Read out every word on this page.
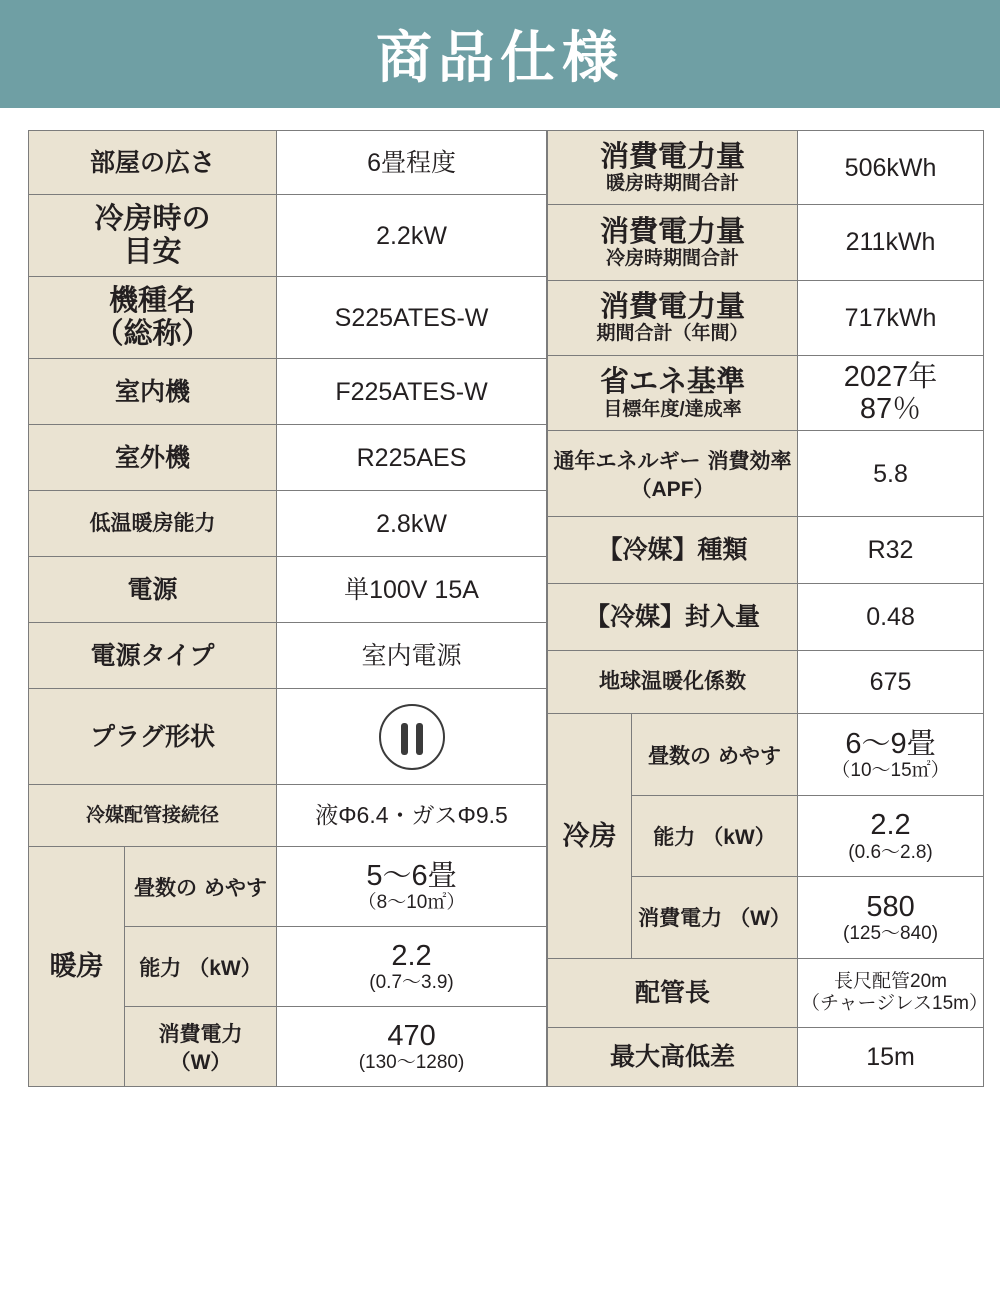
商品仕様
部屋の広さ		6畳程度

冷房時の
目安		2.2kW

機種名
（総称）		S225ATES-W
室内機		F225ATES-W
室外機		R225AES
低温暖房能力		2.8kW
電源		単100V 15A
電源タイプ		室内電源
プラグ形状		

冷媒配管接続径		液Φ6.4・ガスΦ9.5
暖房	畳数の めやす	5〜6畳
（8〜10㎡）

	能力 （kW）	2.2
(0.7〜3.9)

	消費電力 （W）	470
(130〜1280)
消費電力量
暖房時期間合計		506kWh

消費電力量
冷房時期間合計		211kWh

消費電力量
期間合計（年間）		717kWh

省エネ基準
目標年度/達成率		2027年
87％

通年エネルギー 消費効率（APF）		5.8
【冷媒】種類		R32
【冷媒】封入量		0.48
地球温暖化係数		675
冷房	畳数の めやす	6〜9畳
（10〜15㎡）

	能力 （kW）	2.2
(0.6〜2.8)

	消費電力 （W）	580
(125〜840)

配管長		長尺配管20m
（チャージレス15m）

最大高低差		15m
